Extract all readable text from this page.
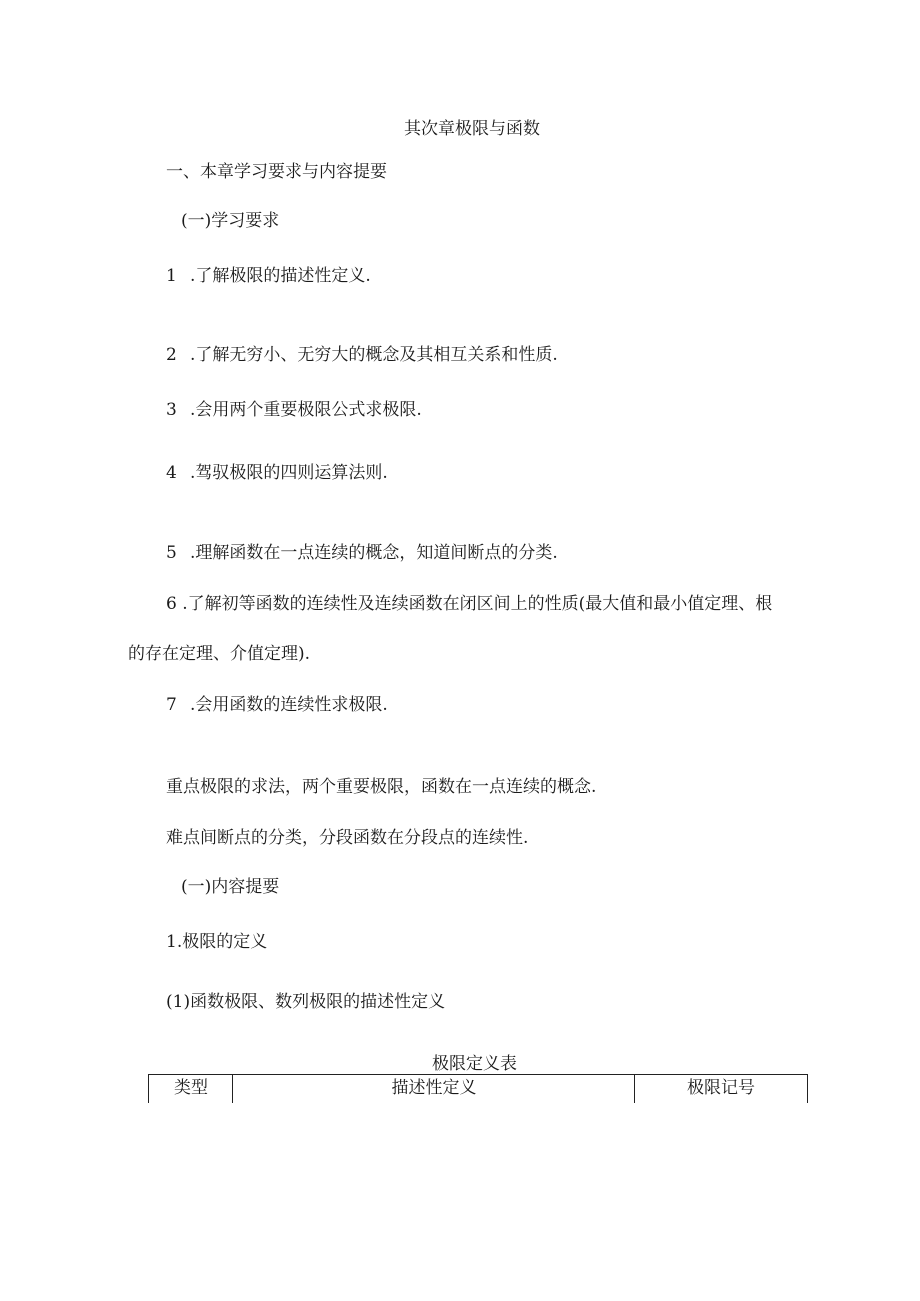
其次章极限与函数
一、本章学习要求与内容提要
(一)学习要求
1 .了解极限的描述性定义.
2 .了解无穷小、无穷大的概念及其相互关系和性质.
3 .会用两个重要极限公式求极限.
4 .驾驭极限的四则运算法则.
5 .理解函数在一点连续的概念，知道间断点的分类.
6 .了解初等函数的连续性及连续函数在闭区间上的性质(最大值和最小值定理、根
的存在定理、介值定理).
7 .会用函数的连续性求极限.
重点极限的求法，两个重要极限，函数在一点连续的概念.
难点间断点的分类，分段函数在分段点的连续性.
(一)内容提要
1.极限的定义
(1)函数极限、数列极限的描述性定义
极限定义表
类型	描述性定义	极限记号
